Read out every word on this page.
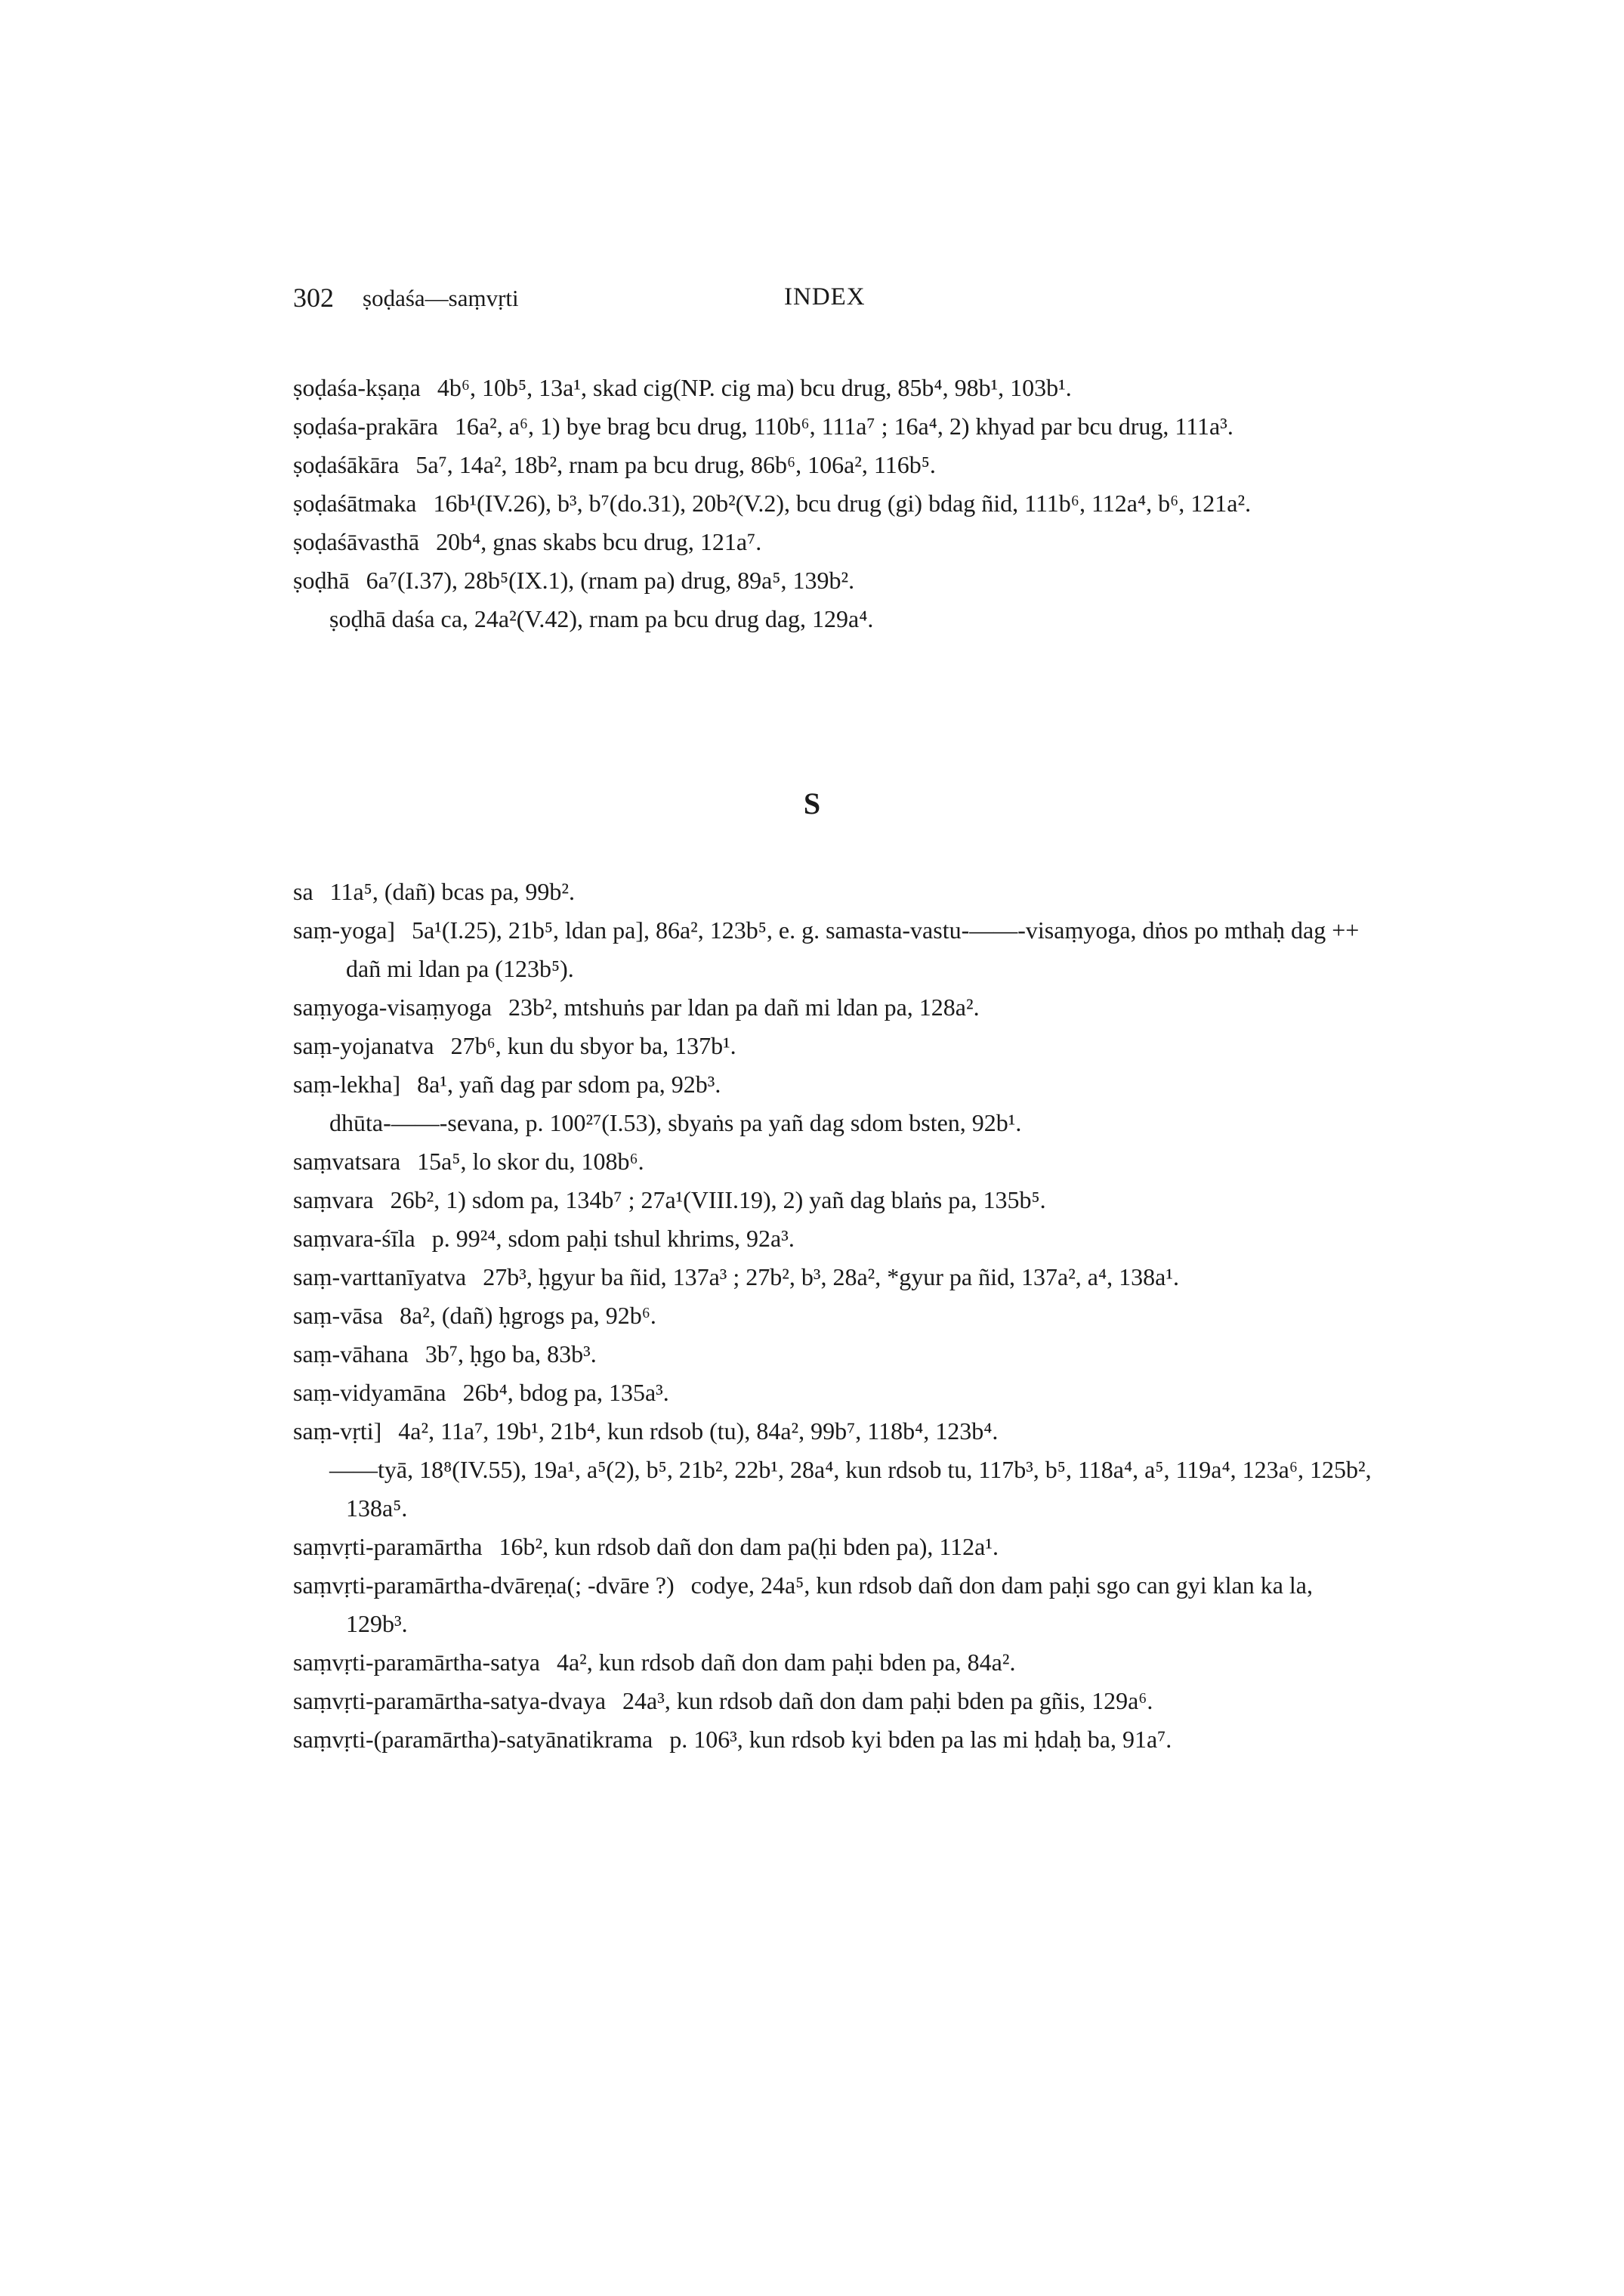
302 ṣoḍaśa—saṃvṛti	INDEX

ṣoḍaśa-kṣaṇa 4b⁶, 10b⁵, 13a¹, skad cig(NP. cig ma) bcu drug, 85b⁴, 98b¹, 103b¹.

ṣoḍaśa-prakāra 16a², a⁶, 1) bye brag bcu drug, 110b⁶, 111a⁷ ; 16a⁴, 2) khyad par bcu drug, 111a³.

ṣoḍaśākāra 5a⁷, 14a², 18b², rnam pa bcu drug, 86b⁶, 106a², 116b⁵.

ṣoḍaśātmaka 16b¹(IV.26), b³, b⁷(do.31), 20b²(V.2), bcu drug (gi) bdag ñid, 111b⁶, 112a⁴, b⁶, 121a².

ṣoḍaśāvasthā 20b⁴, gnas skabs bcu drug, 121a⁷.

ṣoḍhā 6a⁷(I.37), 28b⁵(IX.1), (rnam pa) drug, 89a⁵, 139b².

ṣoḍhā daśa ca, 24a²(V.42), rnam pa bcu drug dag, 129a⁴.

S

sa 11a⁵, (dañ) bcas pa, 99b².

saṃ-yoga] 5a¹(I.25), 21b⁵, ldan pa], 86a², 123b⁵, e. g. samasta-vastu-——-visaṃyoga, dṅos po mthaḥ dag ++ dañ mi ldan pa (123b⁵).

saṃyoga-visaṃyoga 23b², mtshuṅs par ldan pa dañ mi ldan pa, 128a².

saṃ-yojanatva 27b⁶, kun du sbyor ba, 137b¹.

saṃ-lekha] 8a¹, yañ dag par sdom pa, 92b³.

dhūta-——-sevana, p. 100²⁷(I.53), sbyaṅs pa yañ dag sdom bsten, 92b¹.

saṃvatsara 15a⁵, lo skor du, 108b⁶.

saṃvara 26b², 1) sdom pa, 134b⁷ ; 27a¹(VIII.19), 2) yañ dag blaṅs pa, 135b⁵.

saṃvara-śīla p. 99²⁴, sdom paḥi tshul khrims, 92a³.

saṃ-varttanīyatva 27b³, ḥgyur ba ñid, 137a³ ; 27b², b³, 28a², *gyur pa ñid, 137a², a⁴, 138a¹.

saṃ-vāsa 8a², (dañ) ḥgrogs pa, 92b⁶.

saṃ-vāhana 3b⁷, ḥgo ba, 83b³.

saṃ-vidyamāna 26b⁴, bdog pa, 135a³.

saṃ-vṛti] 4a², 11a⁷, 19b¹, 21b⁴, kun rdsob (tu), 84a², 99b⁷, 118b⁴, 123b⁴.

——tyā, 18⁸(IV.55), 19a¹, a⁵(2), b⁵, 21b², 22b¹, 28a⁴, kun rdsob tu, 117b³, b⁵, 118a⁴, a⁵, 119a⁴, 123a⁶, 125b², 138a⁵.

saṃvṛti-paramārtha 16b², kun rdsob dañ don dam pa(ḥi bden pa), 112a¹.

saṃvṛti-paramārtha-dvāreṇa(; -dvāre ?) codye, 24a⁵, kun rdsob dañ don dam paḥi sgo can gyi klan ka la, 129b³.

saṃvṛti-paramārtha-satya 4a², kun rdsob dañ don dam paḥi bden pa, 84a².

saṃvṛti-paramārtha-satya-dvaya 24a³, kun rdsob dañ don dam paḥi bden pa gñis, 129a⁶.

saṃvṛti-(paramārtha)-satyānatikrama p. 106³, kun rdsob kyi bden pa las mi ḥdaḥ ba, 91a⁷.
